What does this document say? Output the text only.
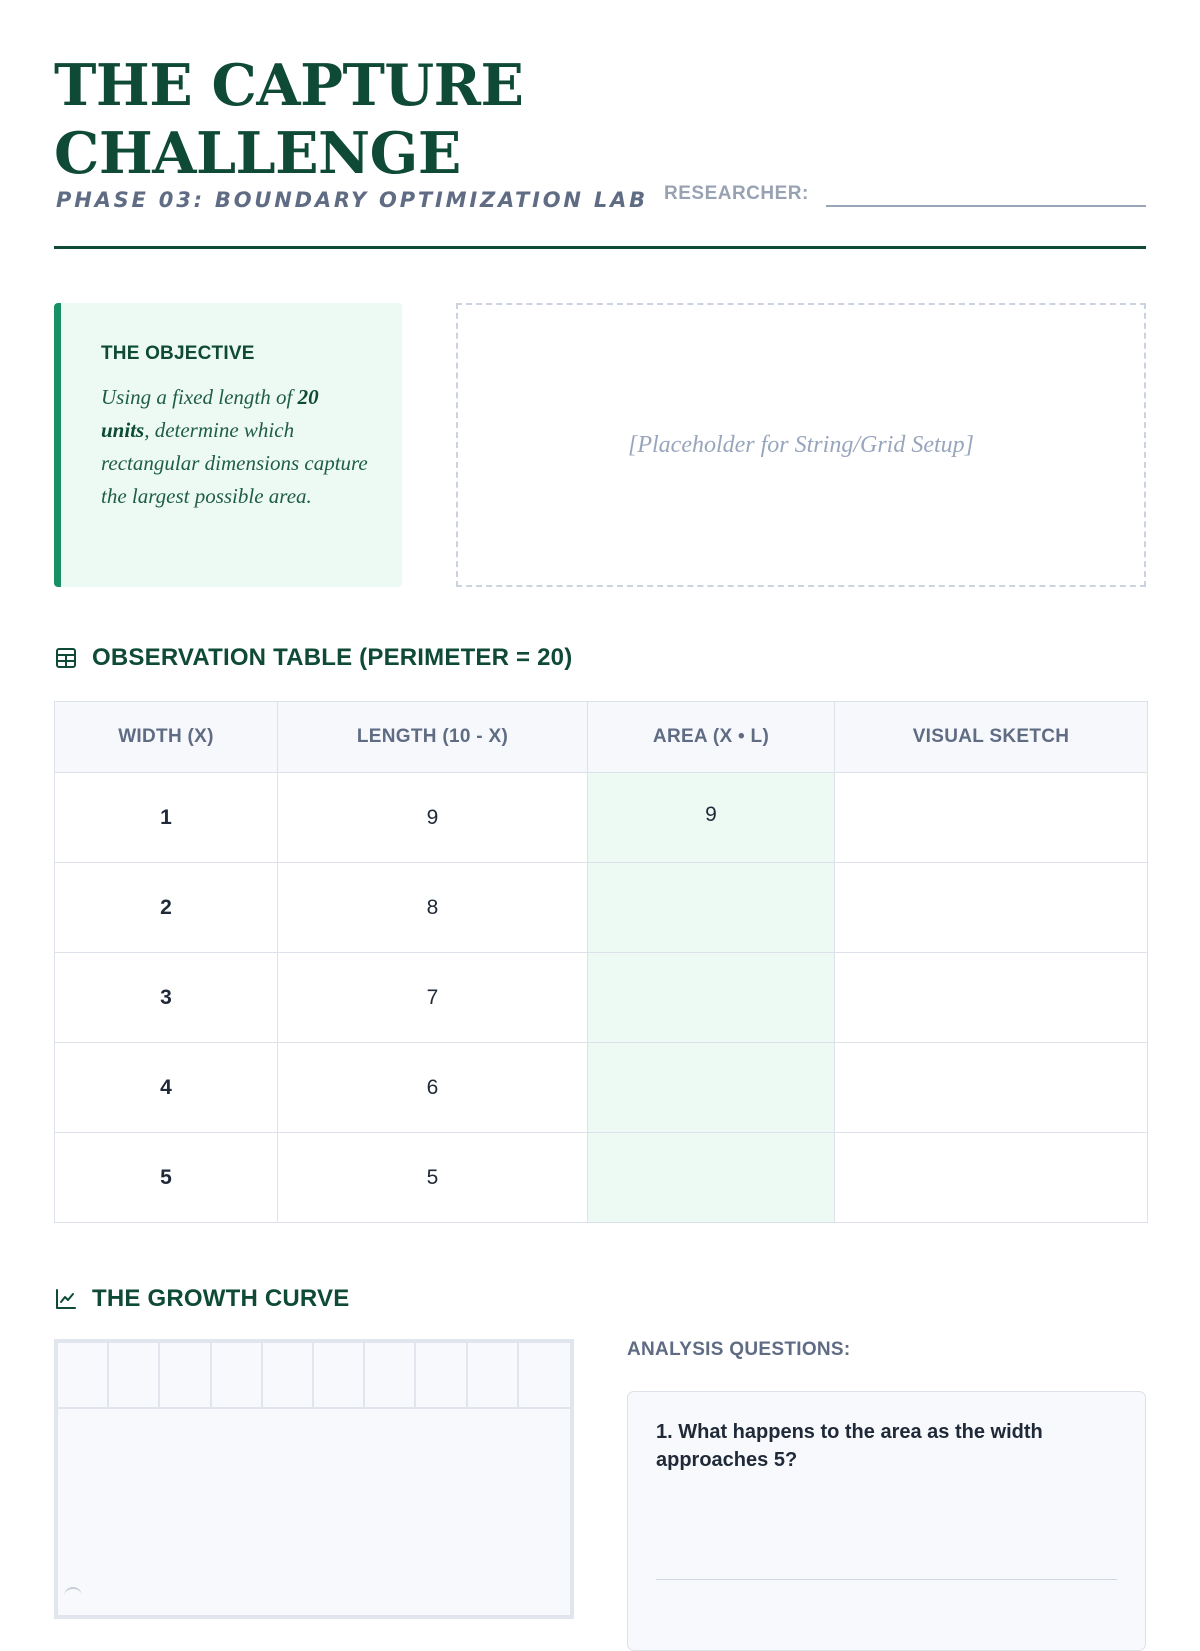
THE CAPTURE
CHALLENGE
PHASE 03: BOUNDARY OPTIMIZATION LAB RESEARCHER:
THE OBJECTIVE
Using a fixed length of 20
units, determine which rectangular dimensions capture the largest possible area.
[Placeholder for String/Grid Setup]
OBSERVATION TABLE (PERIMETER = 20)
WIDTH (X)	LENGTH (10 - X)	AREA (X • L)	VISUAL SKETCH
1	9	9	
2	8		
3	7		
4	6		
5	5		
THE GROWTH CURVE
ANALYSIS QUESTIONS:
1. What happens to the area as the width approaches 5?
